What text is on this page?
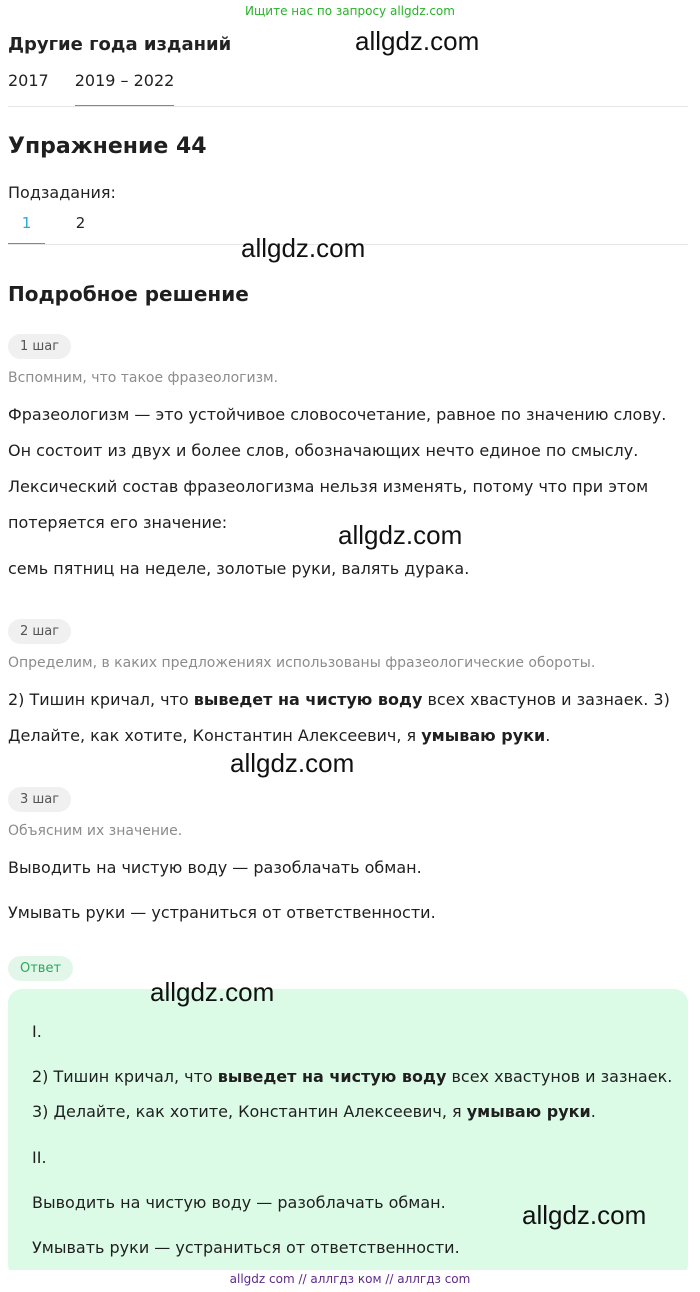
Ищите нас по запросу allgdz.com
Другие года изданий
2017	2019 – 2022
Упражнение 44
Подзадания:
1	2
Подробное решение
1 шаг
Вспомним, что такое фразеологизм.
Фразеологизм — это устойчивое словосочетание, равное по значению слову.
Он состоит из двух и более слов, обозначающих нечто единое по смыслу.
Лексический состав фразеологизма нельзя изменять, потому что при этом
потеряется его значение:
семь пятниц на неделе, золотые руки, валять дурака.
2 шаг
Определим, в каких предложениях использованы фразеологические обороты.
2) Тишин кричал, что выведет на чистую воду всех хвастунов и зазнаек. 3)
Делайте, как хотите, Константин Алексеевич, я умываю руки.
3 шаг
Объясним их значение.
Выводить на чистую воду — разоблачать обман.
Умывать руки — устраниться от ответственности.
Ответ
I.
2) Тишин кричал, что выведет на чистую воду всех хвастунов и зазнаек.
3) Делайте, как хотите, Константин Алексеевич, я умываю руки.
II.
Выводить на чистую воду — разоблачать обман.
Умывать руки — устраниться от ответственности.
allgdz.com
allgdz.com
allgdz.com
allgdz.com
allgdz.com
allgdz.com
allgdz com // аллгдз ком // аллгдз com
